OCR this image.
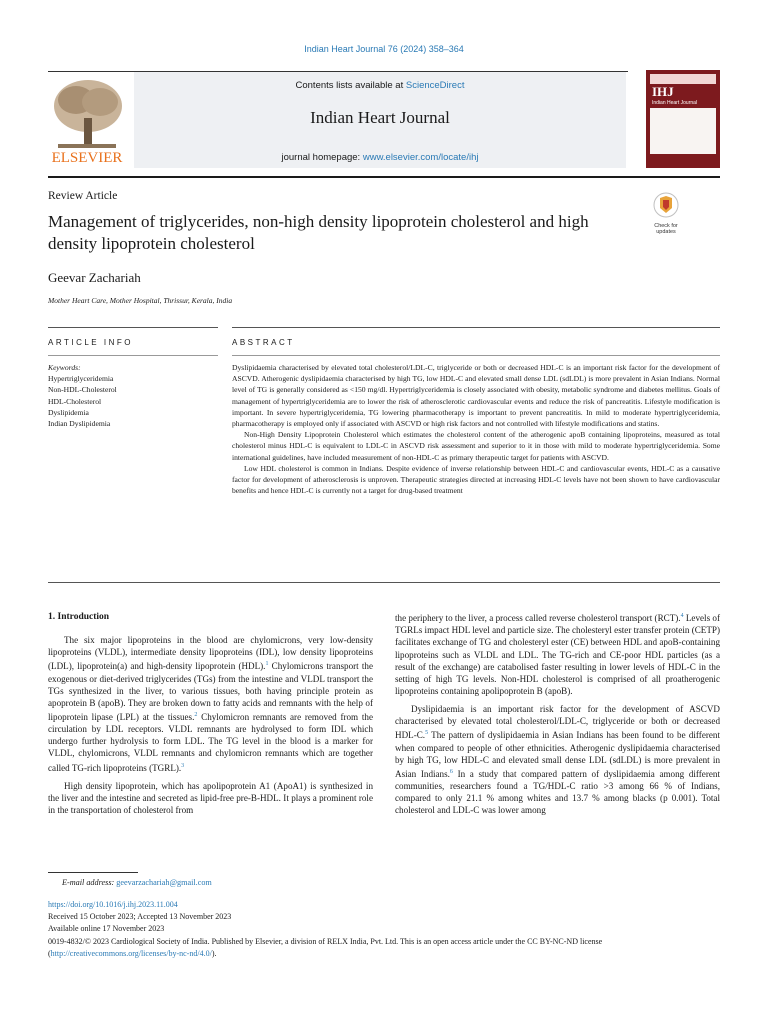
Indian Heart Journal 76 (2024) 358–364
ELSEVIER
Contents lists available at ScienceDirect
Indian Heart Journal
journal homepage: www.elsevier.com/locate/ihj
IHJ
Indian Heart Journal
Review Article
Management of triglycerides, non-high density lipoprotein cholesterol and high density lipoprotein cholesterol
Check for updates
Geevar Zachariah
Mother Heart Care, Mother Hospital, Thrissur, Kerala, India
ARTICLE INFO	ABSTRACT
Keywords:
Hypertriglyceridemia
Non-HDL-Cholesterol
HDL-Cholesterol
Dyslipidemia
Indian Dyslipidemia

Dyslipidaemia characterised by elevated total cholesterol/LDL-C, triglyceride or both or decreased HDL-C is an important risk factor for the development of ASCVD. Atherogenic dyslipidaemia characterised by high TG, low HDL-C and elevated small dense LDL (sdLDL) is more prevalent in Asian Indians. Normal level of TG is generally considered as <150 mg/dl. Hypertriglyceridemia is closely associated with obesity, metabolic syndrome and diabetes mellitus. Goals of management of hypertriglyceridemia are to lower the risk of atherosclerotic cardiovascular events and reduce the risk of pancreatitis. Lifestyle modification is important. In severe hypertriglyceridemia, TG lowering pharmacotherapy is important to prevent pancreatitis. In mild to moderate hypertriglyceridemia, pharmacotherapy is employed only if associated with ASCVD or high risk factors and not controlled with lifestyle modifications and statins.

Non-High Density Lipoprotein Cholesterol which estimates the cholesterol content of the atherogenic apoB containing lipoproteins, measured as total cholesterol minus HDL-C is equivalent to LDL-C in ASCVD risk assessment and superior to it in those with mild to moderate hypertriglyceridemia. Some international guidelines, have included measurement of non-HDL-C as primary therapeutic target for patients with ASCVD.

Low HDL cholesterol is common in Indians. Despite evidence of inverse relationship between HDL-C and cardiovascular events, HDL-C as a causative factor for development of atherosclerosis is unproven. Therapeutic strategies directed at increasing HDL-C levels have not been shown to have cardiovascular benefits and hence HDL-C is currently not a target for drug-based treatment

1. Introduction

The six major lipoproteins in the blood are chylomicrons, very low-density lipoproteins (VLDL), intermediate density lipoproteins (IDL), low density lipoproteins (LDL), lipoprotein(a) and high-density lipoprotein (HDL).$^1$ Chylomicrons transport the exogenous or diet-derived triglycerides (TGs) from the intestine and VLDL transport the TGs synthesized in the liver, to various tissues, both having principle protein as apoprotein B (apoB). They are broken down to fatty acids and remnants with the help of lipoprotein lipase (LPL) at the tissues.$^2$ Chylomicron remnants are removed from the circulation by LDL receptors. VLDL remnants are hydrolysed to form IDL which undergo further hydrolysis to form LDL. The TG level in the blood is a marker for VLDL, chylomicrons, VLDL remnants and chylomicron remnants which are together called TG-rich lipoproteins (TGRL).$^3$

High density lipoprotein, which has apolipoprotein A1 (ApoA1) is synthesized in the liver and the intestine and secreted as lipid-free pre-B-HDL. It plays a prominent role in the transportation of cholesterol from

the periphery to the liver, a process called reverse cholesterol transport (RCT).$^4$ Levels of TGRLs impact HDL level and particle size. The cholesteryl ester transfer protein (CETP) facilitates exchange of TG and cholesteryl ester (CE) between HDL and apoB-containing lipoproteins such as VLDL and LDL. The TG-rich and CE-poor HDL particles (as a result of the exchange) are catabolised faster resulting in lower levels of HDL-C in the setting of high TG levels. Non-HDL cholesterol is comprised of all proatherogenic lipoproteins containing apolipoprotein B (apoB).

Dyslipidaemia is an important risk factor for the development of ASCVD characterised by elevated total cholesterol/LDL-C, triglyceride or both or decreased HDL-C.$^5$ The pattern of dyslipidaemia in Asian Indians has been found to be different when compared to people of other ethnicities. Atherogenic dyslipidaemia characterised by high TG, low HDL-C and elevated small dense LDL (sdLDL) is more prevalent in Asian Indians.$^6$ In a study that compared pattern of dyslipidaemia among different communities, researchers found a TG/HDL-C ratio >3 among 66 % of Indians, compared to only 21.1 % among whites and 13.7 % among blacks (p 0.001). Total cholesterol and LDL-C was lower among

E-mail address: geevarzachariah@gmail.com
https://doi.org/10.1016/j.ihj.2023.11.004
Received 15 October 2023; Accepted 13 November 2023
Available online 17 November 2023
0019-4832/© 2023 Cardiological Society of India. Published by Elsevier, a division of RELX India, Pvt. Ltd. This is an open access article under the CC BY-NC-ND license (http://creativecommons.org/licenses/by-nc-nd/4.0/).
